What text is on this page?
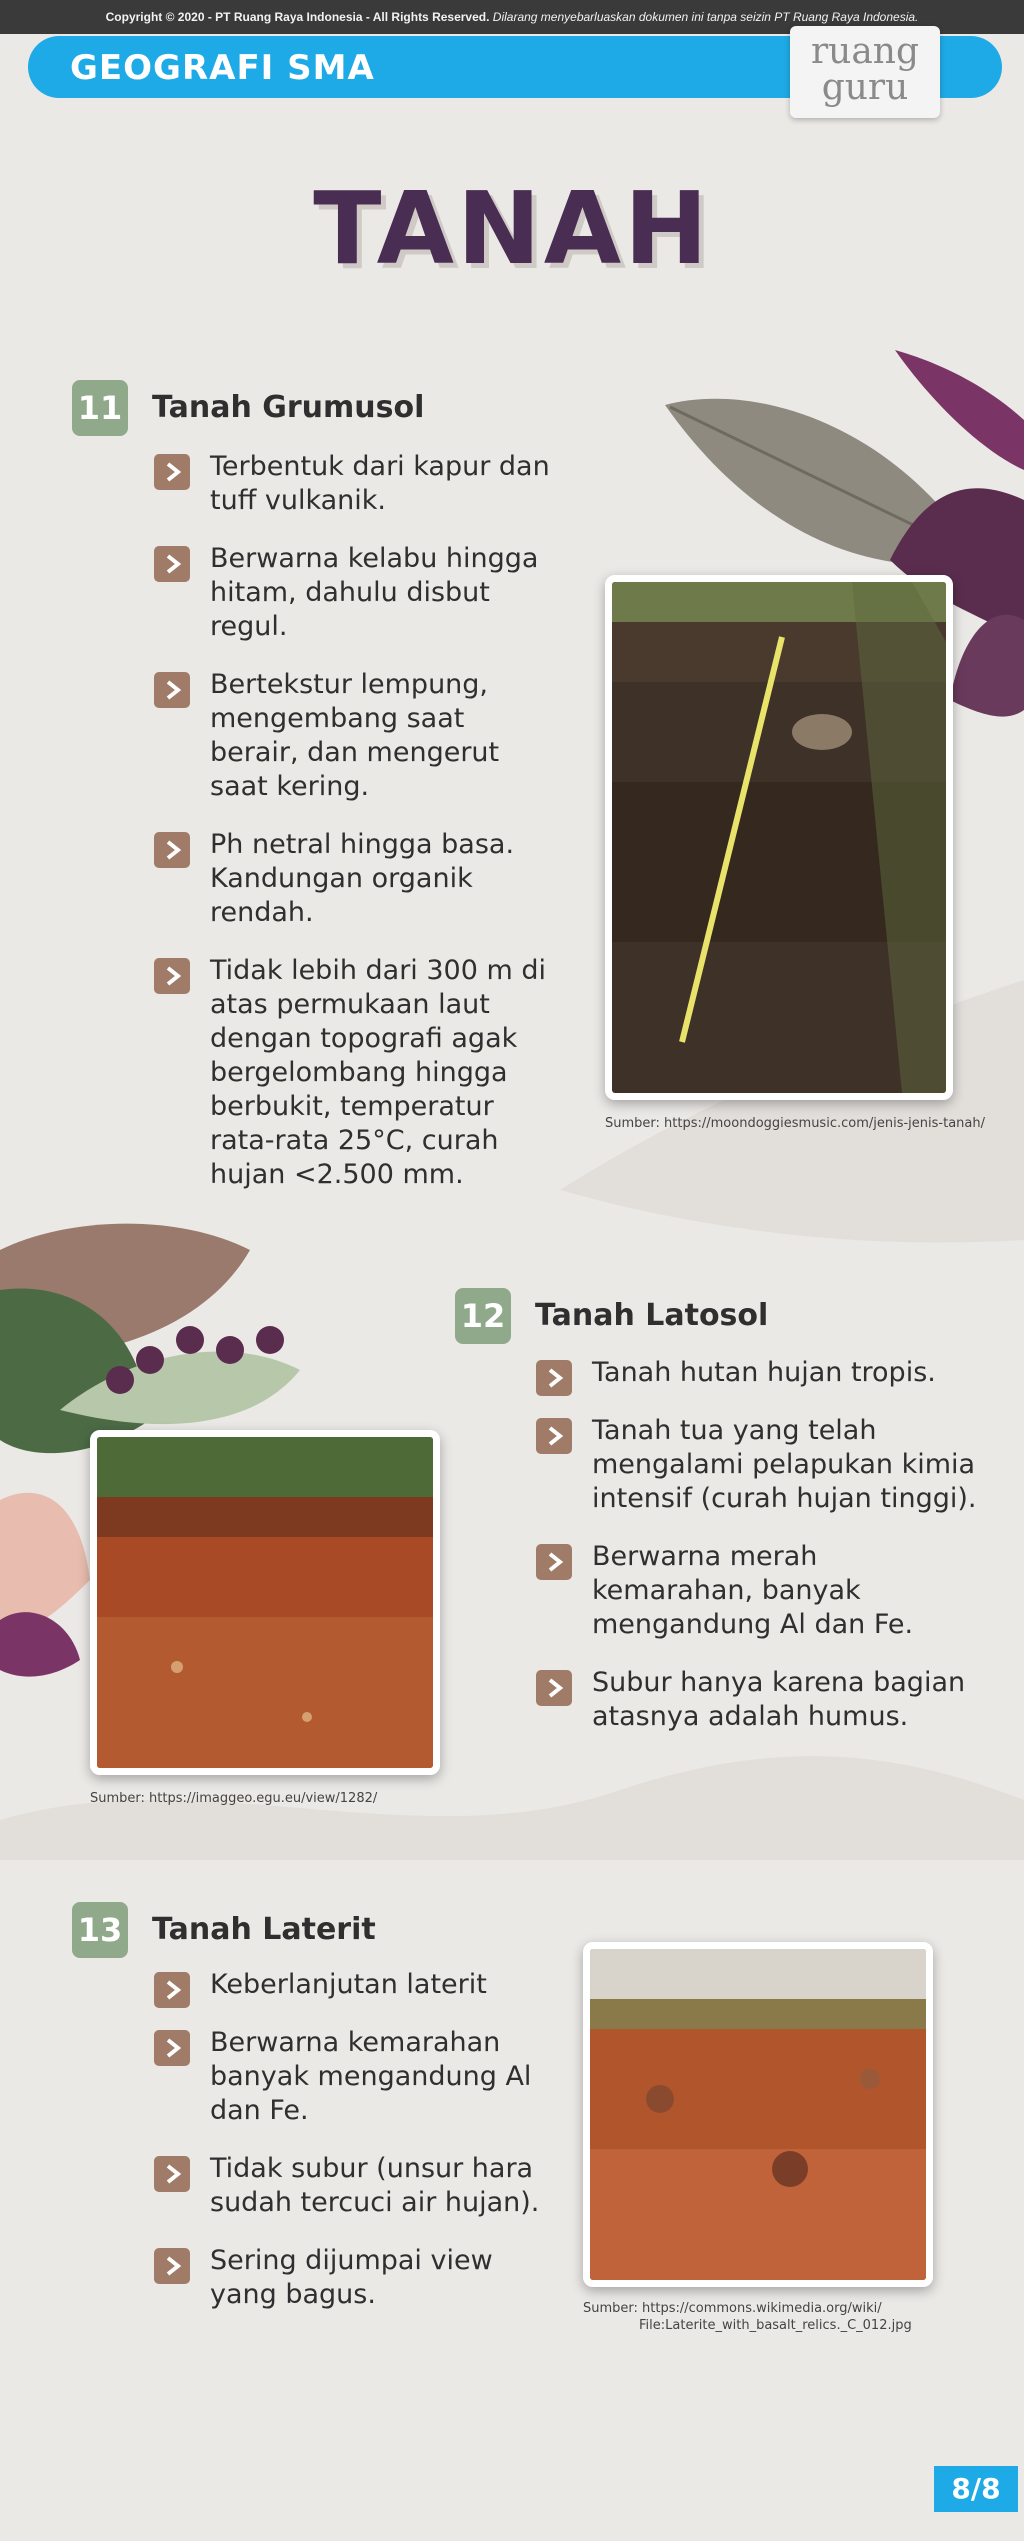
Copyright © 2020 - PT Ruang Raya Indonesia - All Rights Reserved. Dilarang menyebarluaskan dokumen ini tanpa seizin PT Ruang Raya Indonesia.
GEOGRAFI SMA	ruang
guru
TANAH
11 Tanah Grumusol
Terbentuk dari kapur dan tuff vulkanik.
Berwarna kelabu hingga hitam, dahulu disbut regul.
Bertekstur lempung, mengembang saat berair, dan mengerut saat kering.
Ph netral hingga basa. Kandungan organik rendah.
Tidak lebih dari 300 m di atas permukaan laut dengan topografi agak bergelombang hingga berbukit, temperatur rata-rata 25°C, curah hujan <2.500 mm.
Sumber: https://moondoggiesmusic.com/jenis-jenis-tanah/
12 Tanah Latosol
Tanah hutan hujan tropis.
Tanah tua yang telah mengalami pelapukan kimia intensif (curah hujan tinggi).
Berwarna merah kemarahan, banyak mengandung Al dan Fe.
Subur hanya karena bagian atasnya adalah humus.
Sumber: https://imaggeo.egu.eu/view/1282/
13 Tanah Laterit
Keberlanjutan laterit
Berwarna kemarahan banyak mengandung Al dan Fe.
Tidak subur (unsur hara sudah tercuci air hujan).
Sering dijumpai view yang bagus.	Sumber: https://commons.wikimedia.org/wiki/
File:Laterite_with_basalt_relics._C_012.jpg
8/8
